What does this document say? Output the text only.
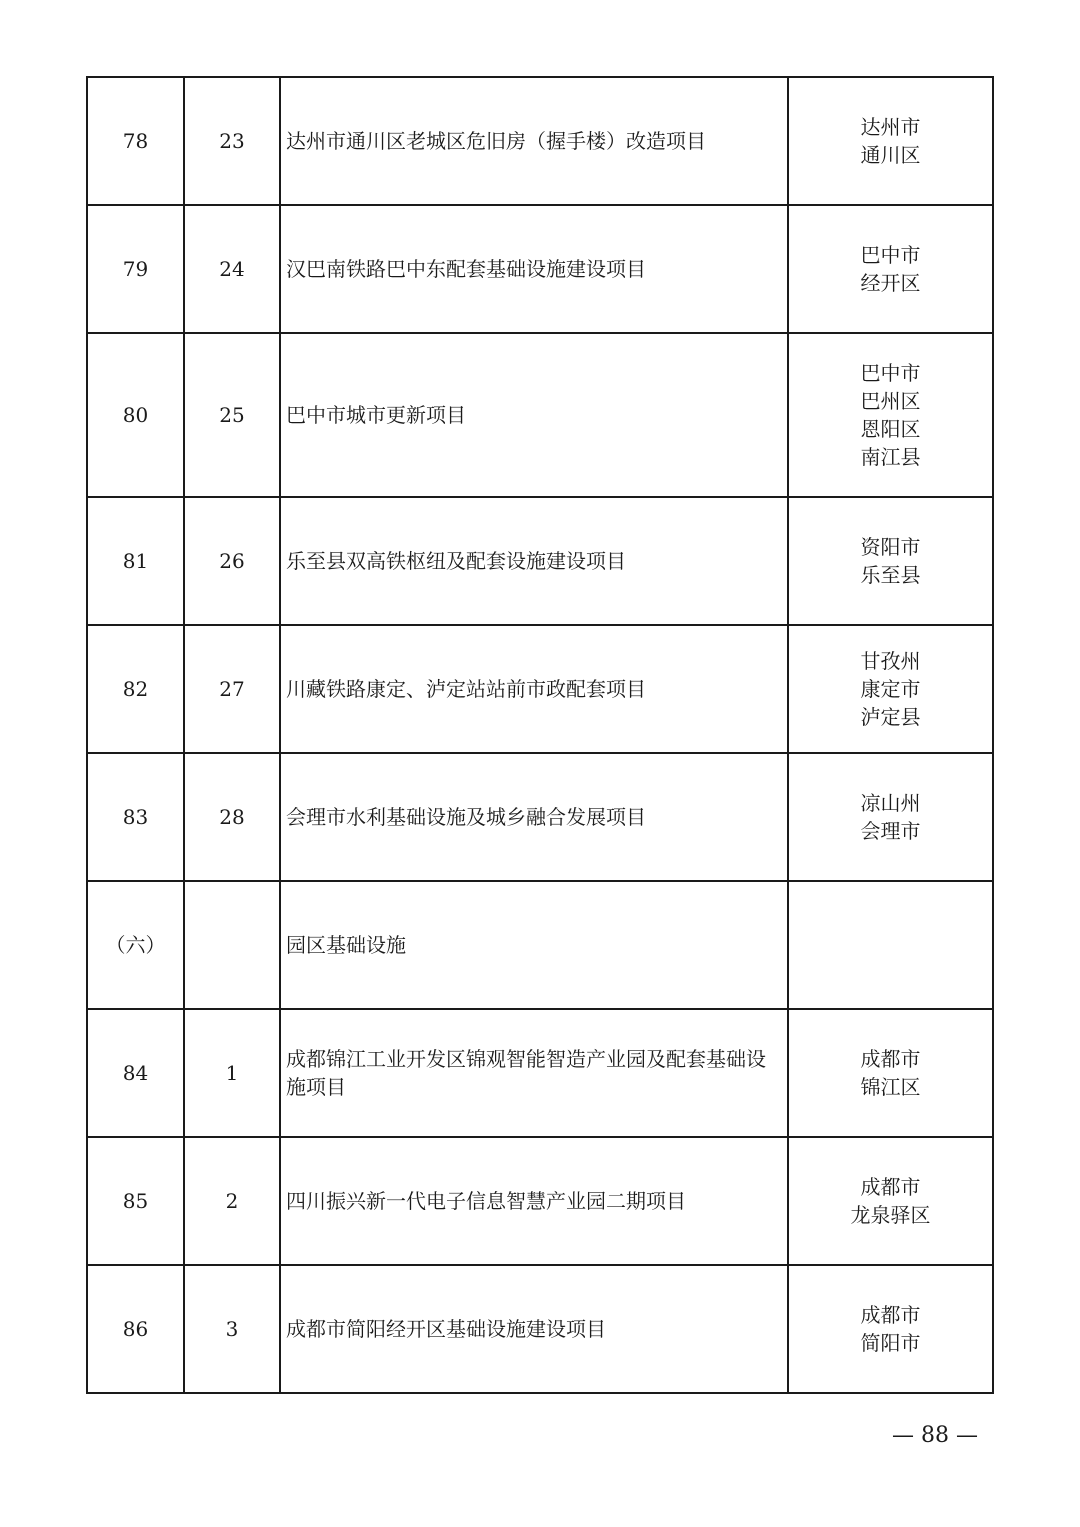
78	23	达州市通川区老城区危旧房（握手楼）改造项目	达州市
通川区

79	24	汉巴南铁路巴中东配套基础设施建设项目	巴中市
经开区

80	25	巴中市城市更新项目	巴中市
巴州区
恩阳区
南江县

81	26	乐至县双高铁枢纽及配套设施建设项目	资阳市
乐至县

82	27	川藏铁路康定、泸定站站前市政配套项目	甘孜州
康定市
泸定县

83	28	会理市水利基础设施及城乡融合发展项目	凉山州
会理市

（六）		园区基础设施	
84	1	成都锦江工业开发区锦观智能智造产业园及配套基础设施项目	成都市
锦江区

85	2	四川振兴新一代电子信息智慧产业园二期项目	成都市
龙泉驿区

86	3	成都市简阳经开区基础设施建设项目	成都市
简阳市
— 88 —
